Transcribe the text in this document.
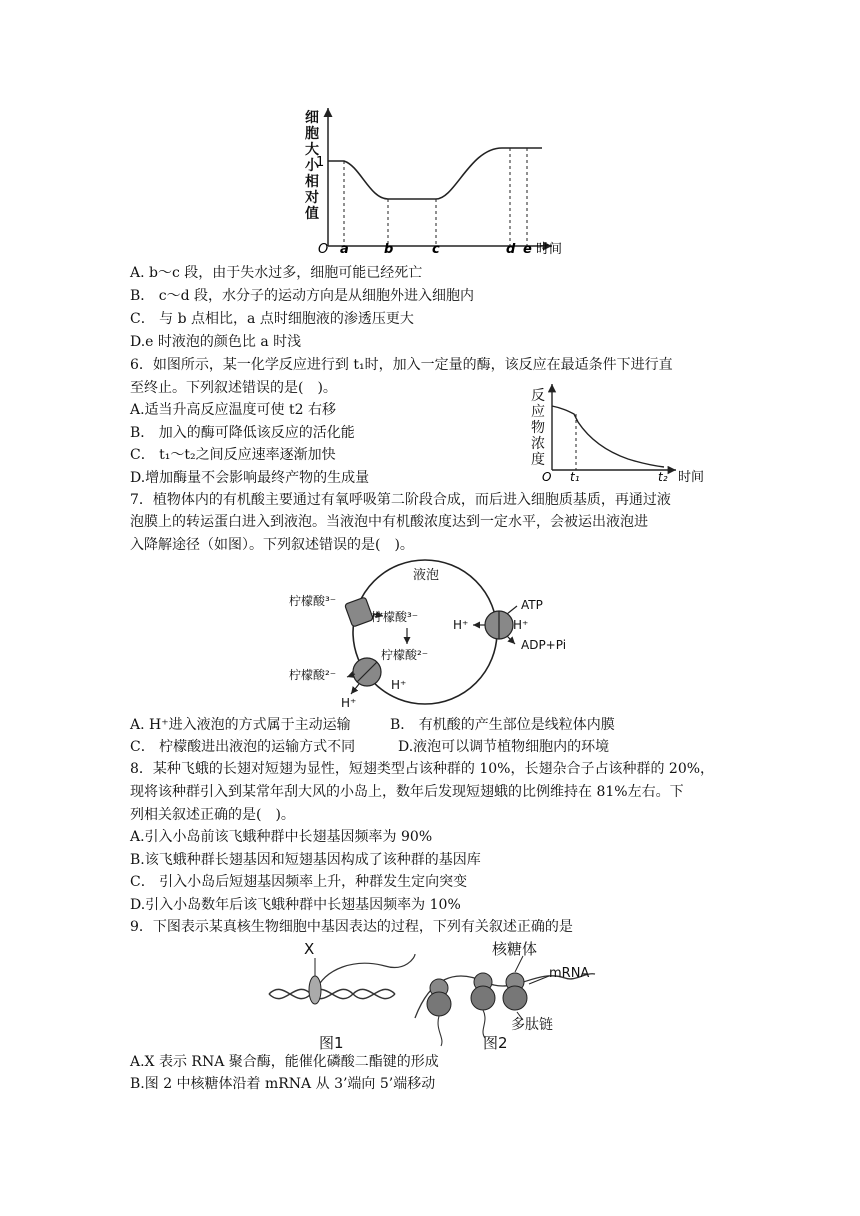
1
O a	b	c	d e 时间
细胞大小相对值
A. b～c 段，由于失水过多，细胞可能已经死亡
B． c～d 段，水分子的运动方向是从细胞外进入细胞内
C． 与 b 点相比，a 点时细胞液的渗透压更大
D.e 时液泡的颜色比 a 时浅
6．如图所示，某一化学反应进行到 t₁时，加入一定量的酶，该反应在最适条件下进行直
至终止。下列叙述错误的是(　)。
A.适当升高反应温度可使 t2 右移
B． 加入的酶可降低该反应的活化能
C． t₁～t₂之间反应速率逐渐加快
D.增加酶量不会影响最终产物的生成量	O t₁	t₂ 时间
反应物浓度
7．植物体内的有机酸主要通过有氧呼吸第二阶段合成，而后进入细胞质基质，再通过液
泡膜上的转运蛋白进入到液泡。当液泡中有机酸浓度达到一定水平，会被运出液泡进
入降解途径（如图）。下列叙述错误的是(　)。
液泡
柠檬酸³⁻
柠檬酸³⁻
柠檬酸²⁻
柠檬酸²⁻
H⁺
H⁺
ATP
H⁺	H⁺
ADP+Pi
A. H⁺进入液泡的方式属于主动运输	B． 有机酸的产生部位是线粒体内膜
C． 柠檬酸进出液泡的运输方式不同	D.液泡可以调节植物细胞内的环境
8．某种飞蛾的长翅对短翅为显性，短翅类型占该种群的 10%，长翅杂合子占该种群的 20%，
现将该种群引入到某常年刮大风的小岛上，数年后发现短翅蛾的比例维持在 81%左右。下
列相关叙述正确的是(　)。
A.引入小岛前该飞蛾种群中长翅基因频率为 90%
B.该飞蛾种群长翅基因和短翅基因构成了该种群的基因库
C． 引入小岛后短翅基因频率上升，种群发生定向突变
D.引入小岛数年后该飞蛾种群中长翅基因频率为 10%
9．下图表示某真核生物细胞中基因表达的过程，下列有关叙述正确的是
X	核糖体
mRNA
多肽链
图1	图2
A.X 表示 RNA 聚合酶，能催化磷酸二酯键的形成
B.图 2 中核糖体沿着 mRNA 从 3’端向 5’端移动
